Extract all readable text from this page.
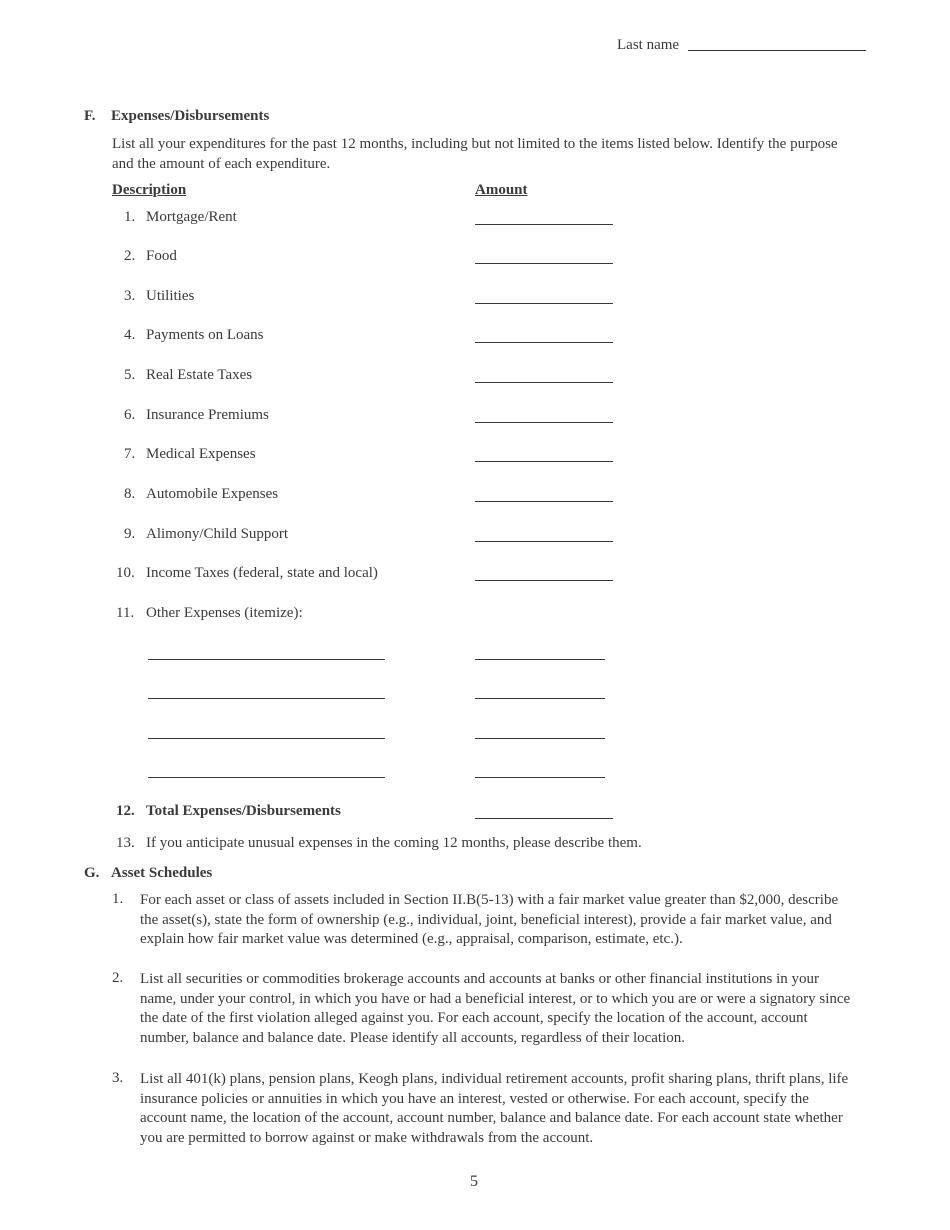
Last name
F. Expenses/Disbursements
List all your expenditures for the past 12 months, including but not limited to the items listed below. Identify the purpose and the amount of each expenditure.
Description	Amount
1. Mortgage/Rent
2. Food
3. Utilities
4. Payments on Loans
5. Real Estate Taxes
6. Insurance Premiums
7. Medical Expenses
8. Automobile Expenses
9. Alimony/Child Support
10. Income Taxes (federal, state and local)
11. Other Expenses (itemize):
12. Total Expenses/Disbursements
13. If you anticipate unusual expenses in the coming 12 months, please describe them.
G. Asset Schedules
1. For each asset or class of assets included in Section II.B(5-13) with a fair market value greater than $2,000, describe the asset(s), state the form of ownership (e.g., individual, joint, beneficial interest), provide a fair market value, and explain how fair market value was determined (e.g., appraisal, comparison, estimate, etc.).
2. List all securities or commodities brokerage accounts and accounts at banks or other financial institutions in your name, under your control, in which you have or had a beneficial interest, or to which you are or were a signatory since the date of the first violation alleged against you. For each account, specify the location of the account, account number, balance and balance date. Please identify all accounts, regardless of their location.
3. List all 401(k) plans, pension plans, Keogh plans, individual retirement accounts, profit sharing plans, thrift plans, life insurance policies or annuities in which you have an interest, vested or otherwise. For each account, specify the account name, the location of the account, account number, balance and balance date. For each account state whether you are permitted to borrow against or make withdrawals from the account.
5
